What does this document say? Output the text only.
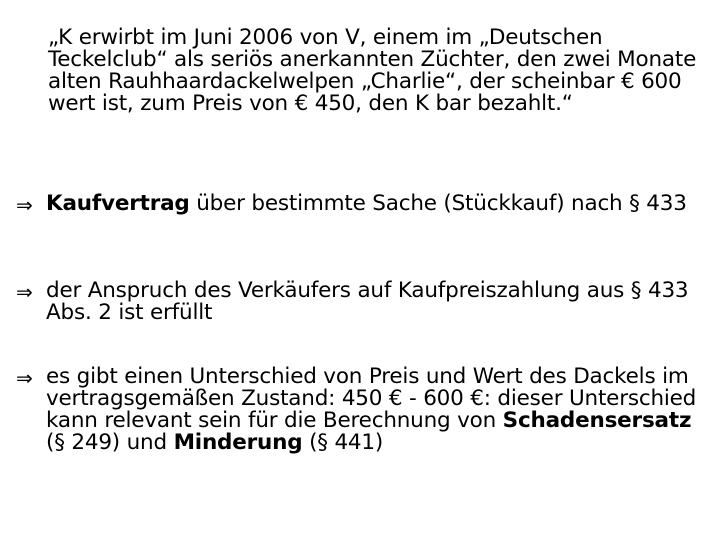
„K erwirbt im Juni 2006 von V, einem im „Deutschen Teckelclub“ als seriös anerkannten Züchter, den zwei Monate alten Rauhhaardackelwelpen „Charlie“, der scheinbar € 600 wert ist, zum Preis von € 450, den K bar bezahlt.“

⇒ Kaufvertrag über bestimmte Sache (Stückkauf) nach § 433
⇒ der Anspruch des Verkäufers auf Kaufpreiszahlung aus § 433 Abs. 2 ist erfüllt
⇒ es gibt einen Unterschied von Preis und Wert des Dackels im vertragsgemäßen Zustand: 450 € - 600 €: dieser Unterschied kann relevant sein für die Berechnung von Schadensersatz (§ 249) und Minderung (§ 441)
